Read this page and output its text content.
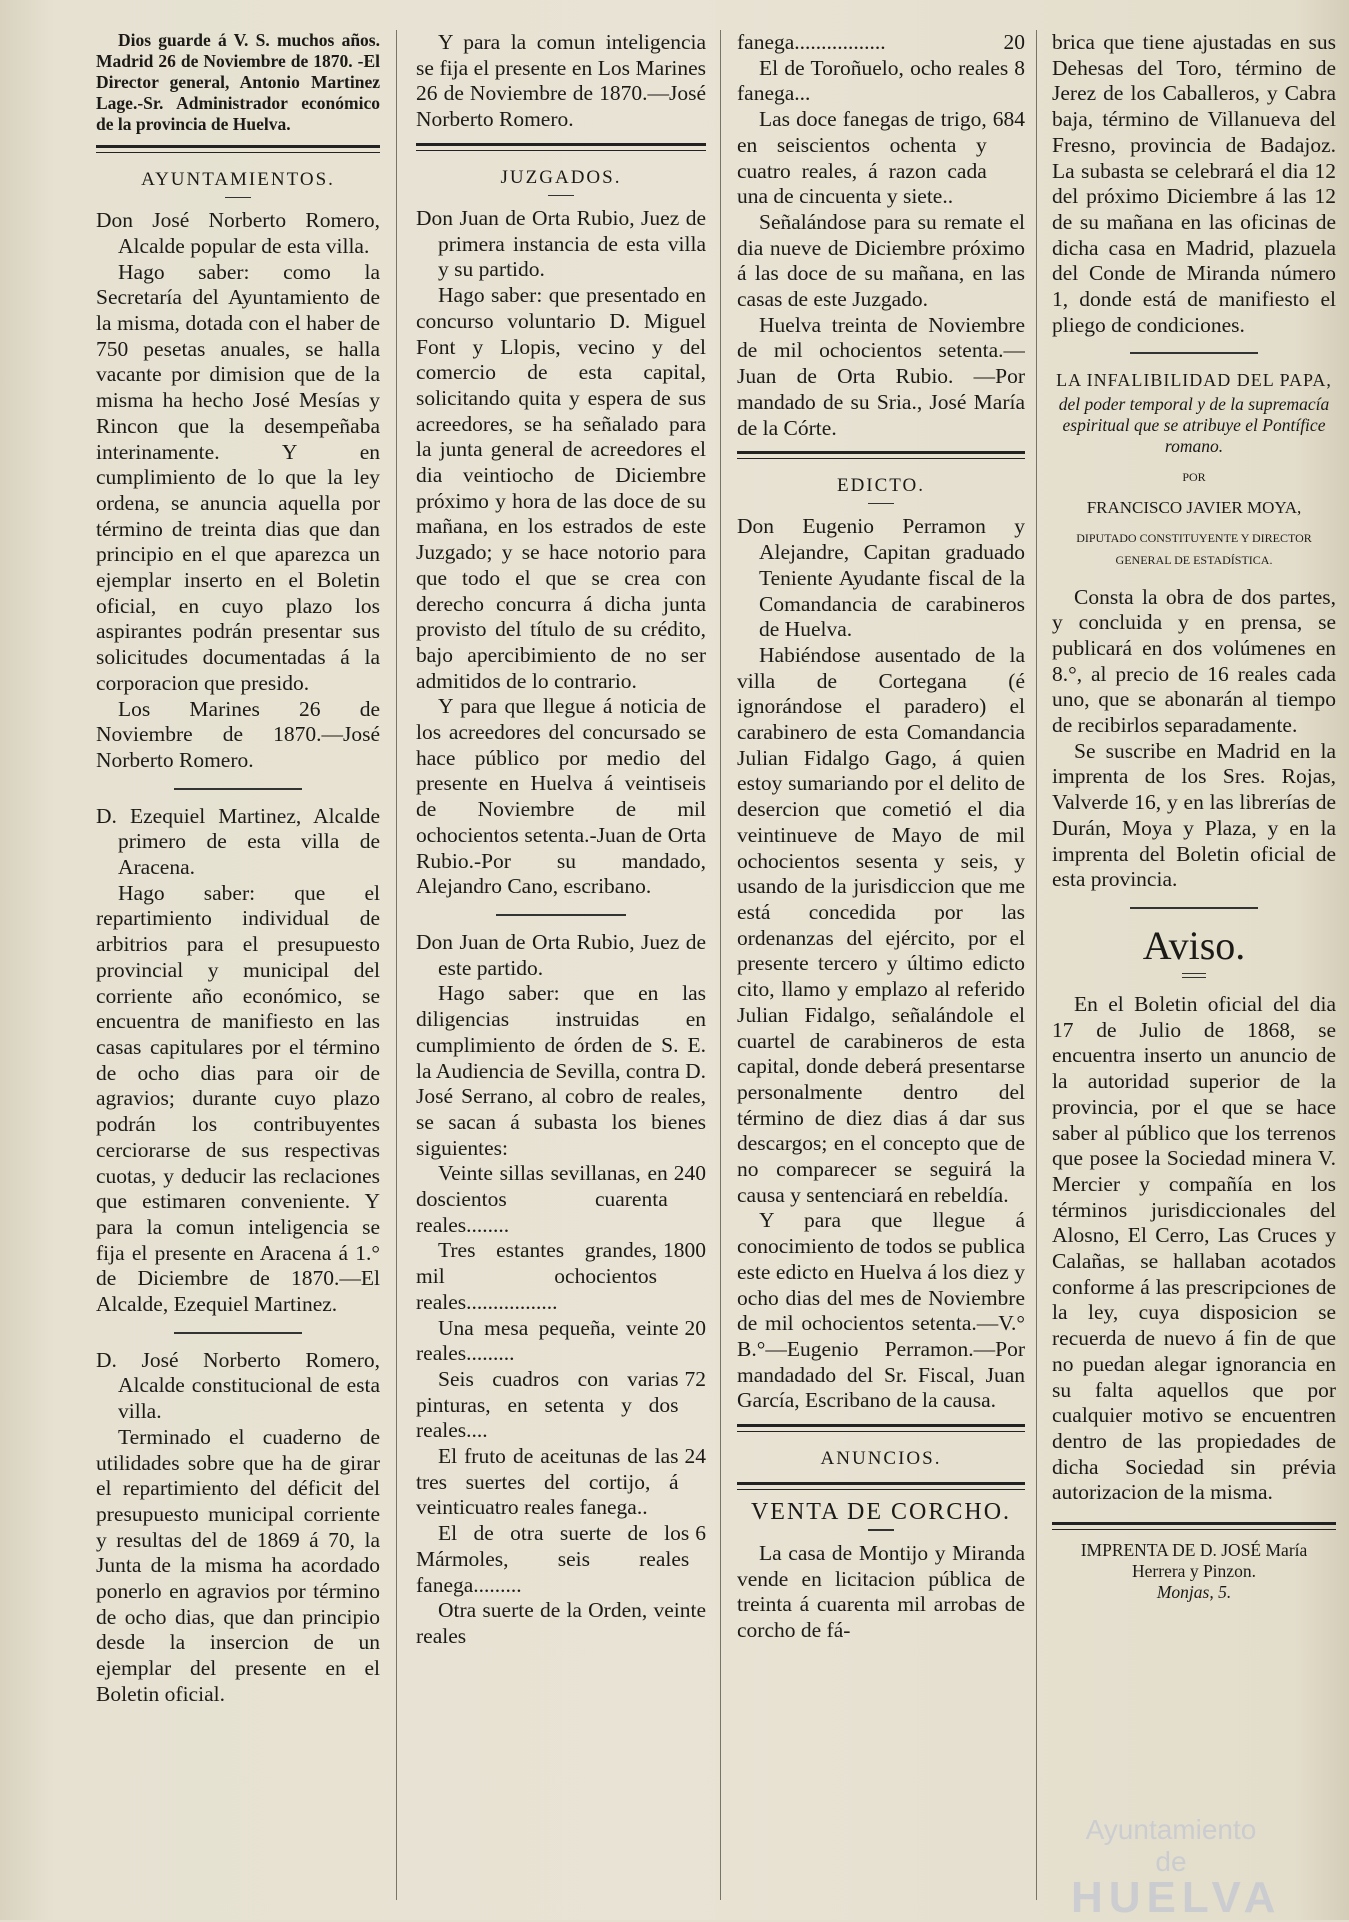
Dios guarde á V. S. muchos años. Madrid 26 de Noviembre de 1870. -El Director general, Antonio Martinez Lage.-Sr. Administrador económico de la provincia de Huelva.

AYUNTAMIENTOS.

Don José Norberto Romero, Alcalde popular de esta villa.

Hago saber: como la Secretaría del Ayuntamiento de la misma, dotada con el haber de 750 pesetas anuales, se halla vacante por dimision que de la misma ha hecho José Mesías y Rincon que la desempeñaba interinamente. Y en cumplimiento de lo que la ley ordena, se anuncia aquella por término de treinta dias que dan principio en el que aparezca un ejemplar inserto en el Boletin oficial, en cuyo plazo los aspirantes podrán presentar sus solicitudes documentadas á la corporacion que presido.

Los Marines 26 de Noviembre de 1870.—José Norberto Romero.

D. Ezequiel Martinez, Alcalde primero de esta villa de Aracena.

Hago saber: que el repartimiento individual de arbitrios para el presupuesto provincial y municipal del corriente año económico, se encuentra de manifiesto en las casas capitulares por el término de ocho dias para oir de agravios; durante cuyo plazo podrán los contribuyentes cerciorarse de sus respectivas cuotas, y deducir las reclaciones que estimaren conveniente. Y para la comun inteligencia se fija el presente en Aracena á 1.° de Diciembre de 1870.—El Alcalde, Ezequiel Martinez.

D. José Norberto Romero, Alcalde constitucional de esta villa.

Terminado el cuaderno de utilidades sobre que ha de girar el repartimiento del déficit del presupuesto municipal corriente y resultas del de 1869 á 70, la Junta de la misma ha acordado ponerlo en agravios por término de ocho dias, que dan principio desde la insercion de un ejemplar del presente en el Boletin oficial.

Y para la comun inteligencia se fija el presente en Los Marines 26 de Noviembre de 1870.—José Norberto Romero.

JUZGADOS.

Don Juan de Orta Rubio, Juez de primera instancia de esta villa y su partido.

Hago saber: que presentado en concurso voluntario D. Miguel Font y Llopis, vecino y del comercio de esta capital, solicitando quita y espera de sus acreedores, se ha señalado para la junta general de acreedores el dia veintiocho de Diciembre próximo y hora de las doce de su mañana, en los estrados de este Juzgado; y se hace notorio para que todo el que se crea con derecho concurra á dicha junta provisto del título de su crédito, bajo apercibimiento de no ser admitidos de lo contrario.

Y para que llegue á noticia de los acreedores del concursado se hace público por medio del presente en Huelva á veintiseis de Noviembre de mil ochocientos setenta.-Juan de Orta Rubio.-Por su mandado, Alejandro Cano, escribano.

Don Juan de Orta Rubio, Juez de este partido.

Hago saber: que en las diligencias instruidas en cumplimiento de órden de S. E. la Audiencia de Sevilla, contra D. José Serrano, al cobro de reales, se sacan á subasta los bienes siguientes:

Veinte sillas sevillanas, en doscientos cuarenta reales........

240

Tres estantes grandes, mil ochocientos reales.................

1800

Una mesa pequeña, veinte reales.........

20

Seis cuadros con varias pinturas, en setenta y dos reales....

72

El fruto de aceitunas de las tres suertes del cortijo, á veinticuatro reales fanega..

24

El de otra suerte de los Mármoles, seis reales fanega.........

6

Otra suerte de la Orden, veinte reales

fanega.................	20

El de Toroñuelo, ocho reales fanega...

8

Las doce fanegas de trigo, en seiscientos ochenta y cuatro reales, á razon cada una de cincuenta y siete..

684

Señalándose para su remate el dia nueve de Diciembre próximo á las doce de su mañana, en las casas de este Juzgado.

Huelva treinta de Noviembre de mil ochocientos setenta.—Juan de Orta Rubio. —Por mandado de su Sria., José María de la Córte.

EDICTO.

Don Eugenio Perramon y Alejandre, Capitan graduado Teniente Ayudante fiscal de la Comandancia de carabineros de Huelva.

Habiéndose ausentado de la villa de Cortegana (é ignorándose el paradero) el carabinero de esta Comandancia Julian Fidalgo Gago, á quien estoy sumariando por el delito de desercion que cometió el dia veintinueve de Mayo de mil ochocientos sesenta y seis, y usando de la jurisdiccion que me está concedida por las ordenanzas del ejército, por el presente tercero y último edicto cito, llamo y emplazo al referido Julian Fidalgo, señalándole el cuartel de carabineros de esta capital, donde deberá presentarse personalmente dentro del término de diez dias á dar sus descargos; en el concepto que de no comparecer se seguirá la causa y sentenciará en rebeldía.

Y para que llegue á conocimiento de todos se publica este edicto en Huelva á los diez y ocho dias del mes de Noviembre de mil ochocientos setenta.—V.° B.°—Eugenio Perramon.—Por mandadado del Sr. Fiscal, Juan García, Escribano de la causa.

ANUNCIOS.

VENTA DE CORCHO.

La casa de Montijo y Miranda vende en licitacion pública de treinta á cuarenta mil arrobas de corcho de fá-

brica que tiene ajustadas en sus Dehesas del Toro, término de Jerez de los Caballeros, y Cabra baja, término de Villanueva del Fresno, provincia de Badajoz. La subasta se celebrará el dia 12 del próximo Diciembre á las 12 de su mañana en las oficinas de dicha casa en Madrid, plazuela del Conde de Miranda número 1, donde está de manifiesto el pliego de condiciones.

LA INFALIBILIDAD DEL PAPA,

del poder temporal y de la supremacía espiritual que se atribuye el Pontífice romano.

POR

FRANCISCO JAVIER MOYA,

DIPUTADO CONSTITUYENTE Y DIRECTOR GENERAL DE ESTADÍSTICA.

Consta la obra de dos partes, y concluida y en prensa, se publicará en dos volúmenes en 8.°, al precio de 16 reales cada uno, que se abonarán al tiempo de recibirlos separadamente.

Se suscribe en Madrid en la imprenta de los Sres. Rojas, Valverde 16, y en las librerías de Durán, Moya y Plaza, y en la imprenta del Boletin oficial de esta provincia.

Aviso.

En el Boletin oficial del dia 17 de Julio de 1868, se encuentra inserto un anuncio de la autoridad superior de la provincia, por el que se hace saber al público que los terrenos que posee la Sociedad minera V. Mercier y compañía en los términos jurisdiccionales del Alosno, El Cerro, Las Cruces y Calañas, se hallaban acotados conforme á las prescripciones de la ley, cuya disposicion se recuerda de nuevo á fin de que no puedan alegar ignorancia en su falta aquellos que por cualquier motivo se encuentren dentro de las propiedades de dicha Sociedad sin prévia autorizacion de la misma.

IMPRENTA DE D. JOSÉ María Herrera y Pinzon.

Monjas, 5.

Ayuntamiento de
HUELVA
